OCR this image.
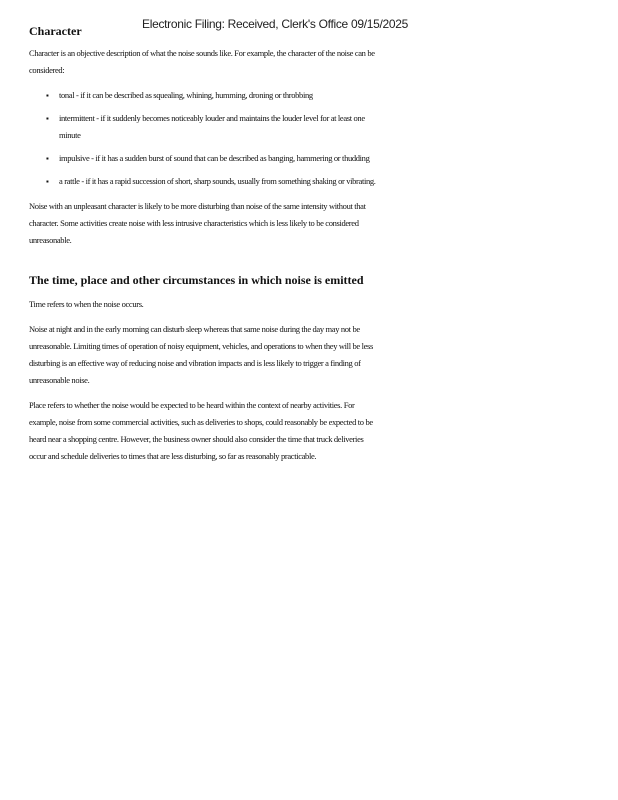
Electronic Filing: Received, Clerk's Office 09/15/2025
Character

Character is an objective description of what the noise sounds like. For example, the character of the noise can be considered:

▪ tonal - if it can be described as squealing, whining, humming, droning or throbbing
▪ intermittent - if it suddenly becomes noticeably louder and maintains the louder level for at least one minute
▪ impulsive - if it has a sudden burst of sound that can be described as banging, hammering or thudding
▪ a rattle - if it has a rapid succession of short, sharp sounds, usually from something shaking or vibrating.

Noise with an unpleasant character is likely to be more disturbing than noise of the same intensity without that character. Some activities create noise with less intrusive characteristics which is less likely to be considered unreasonable.

The time, place and other circumstances in which noise is emitted

Time refers to when the noise occurs.

Noise at night and in the early morning can disturb sleep whereas that same noise during the day may not be unreasonable. Limiting times of operation of noisy equipment, vehicles, and operations to when they will be less disturbing is an effective way of reducing noise and vibration impacts and is less likely to trigger a finding of unreasonable noise.

Place refers to whether the noise would be expected to be heard within the context of nearby activities. For example, noise from some commercial activities, such as deliveries to shops, could reasonably be expected to be heard near a shopping centre. However, the business owner should also consider the time that truck deliveries occur and schedule deliveries to times that are less disturbing, so far as reasonably practicable.
